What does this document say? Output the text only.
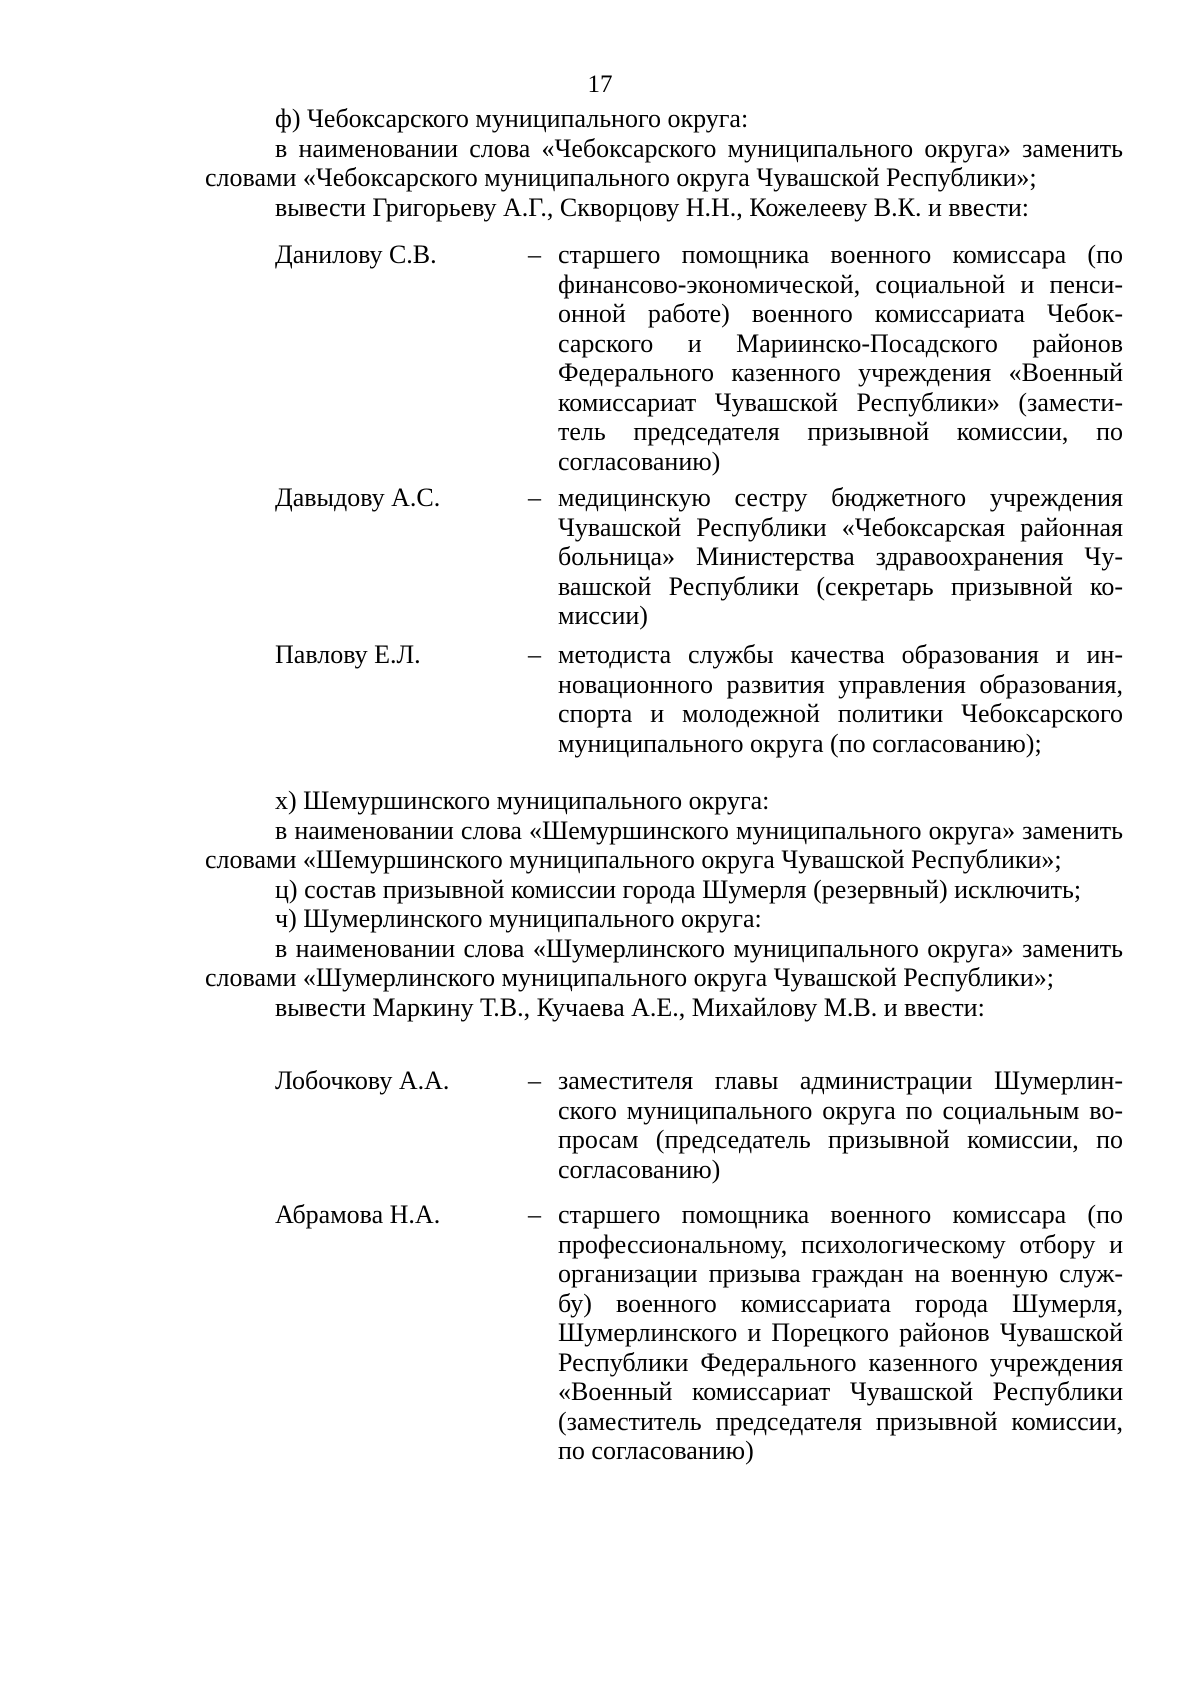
17

ф) Чебоксарского муниципального округа:

в наименовании слова «Чебоксарского муниципального округа» заменить словами «Чебоксарского муниципального округа Чувашской Республики»;

вывести Григорьеву А.Г., Скворцову Н.Н., Кожелееву В.К. и ввести:

Данилову С.В.	– старшего помощника военного комиссара (по финансово-экономической, социальной и пенсионной работе) военного комиссариата Чебоксарского и Мариинско-Посадского районов Федерального казенного учреждения «Военный комиссариат Чувашской Республики» (заместитель председателя призывной комиссии, по согласованию)
Давыдову А.С.	– медицинскую сестру бюджетного учреждения Чувашской Республики «Чебоксарская районная больница» Министерства здравоохранения Чувашской Республики (секретарь призывной комиссии)
Павлову Е.Л.	– методиста службы качества образования и инновационного развития управления образования, спорта и молодежной политики Чебоксарского муниципального округа (по согласованию);

х) Шемуршинского муниципального округа:

в наименовании слова «Шемуршинского муниципального округа» заменить словами «Шемуршинского муниципального округа Чувашской Республики»;

ц) состав призывной комиссии города Шумерля (резервный) исключить;

ч) Шумерлинского муниципального округа:

в наименовании слова «Шумерлинского муниципального округа» заменить словами «Шумерлинского муниципального округа Чувашской Республики»;

вывести Маркину Т.В., Кучаева А.Е., Михайлову М.В. и ввести:

Лобочкову А.А.	– заместителя главы администрации Шумерлинского муниципального округа по социальным вопросам (председатель призывной комиссии, по согласованию)
Абрамова Н.А.	– старшего помощника военного комиссара (по профессиональному, психологическому отбору и организации призыва граждан на военную службу) военного комиссариата города Шумерля, Шумерлинского и Порецкого районов Чувашской Республики Федерального казенного учреждения «Военный комиссариат Чувашской Республики (заместитель председателя призывной комиссии, по согласованию)
